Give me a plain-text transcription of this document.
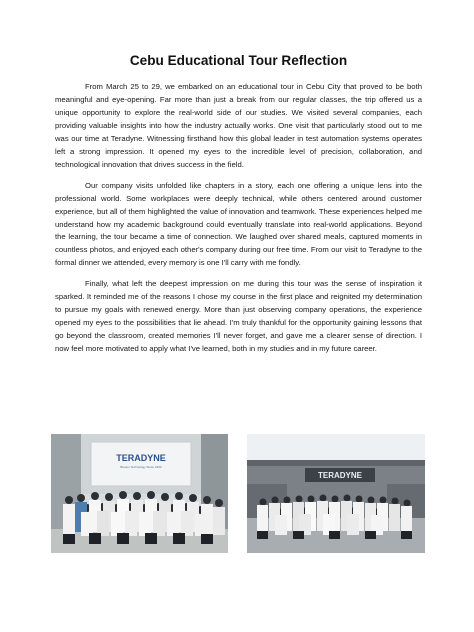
Cebu Educational Tour Reflection

From March 25 to 29, we embarked on an educational tour in Cebu City that proved to be both meaningful and eye-opening. Far more than just a break from our regular classes, the trip offered us a unique opportunity to explore the real-world side of our studies. We visited several companies, each providing valuable insights into how the industry actually works. One visit that particularly stood out to me was our time at Teradyne. Witnessing firsthand how this global leader in test automation systems operates left a strong impression. It opened my eyes to the incredible level of precision, collaboration, and technological innovation that drives success in the field.

Our company visits unfolded like chapters in a story, each one offering a unique lens into the professional world. Some workplaces were deeply technical, while others centered around customer experience, but all of them highlighted the value of innovation and teamwork. These experiences helped me understand how my academic background could eventually translate into real-world applications. Beyond the learning, the tour became a time of connection. We laughed over shared meals, captured moments in countless photos, and enjoyed each other's company during our free time. From our visit to Teradyne to the formal dinner we attended, every memory is one I'll carry with me fondly.

Finally, what left the deepest impression on me during this tour was the sense of inspiration it sparked. It reminded me of the reasons I chose my course in the first place and reignited my determination to pursue my goals with renewed energy. More than just observing company operations, the experience opened my eyes to the possibilities that lie ahead. I'm truly thankful for the opportunity gaining lessons that go beyond the classroom, created memories I'll never forget, and gave me a clearer sense of direction. I now feel more motivated to apply what I've learned, both in my studies and in my future career.

TERADYNE
Boston Technology Since 1960
TERADYNE
